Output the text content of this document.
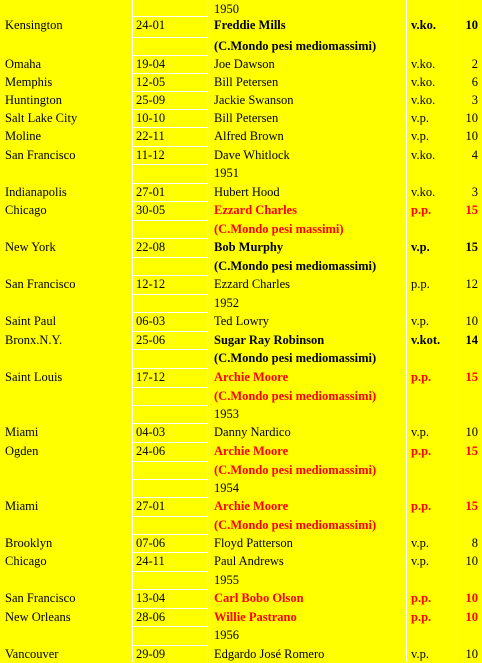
1950
Kensington	24-01	Freddie Mills	v.ko.	10
(C.Mondo pesi mediomassimi)
Omaha	19-04	Joe Dawson	v.ko.	2
Memphis	12-05	Bill Petersen	v.ko.	6
Huntington	25-09	Jackie Swanson	v.ko.	3
Salt Lake City	10-10	Bill Petersen	v.p.	10
Moline	22-11	Alfred Brown	v.p.	10
San Francisco	11-12	Dave Whitlock	v.ko.	4
1951
Indianapolis	27-01	Hubert Hood	v.ko.	3
Chicago	30-05	Ezzard Charles	p.p.	15
(C.Mondo pesi massimi)
New York	22-08	Bob Murphy	v.p.	15
(C.Mondo pesi mediomassimi)
San Francisco	12-12	Ezzard Charles	p.p.	12
1952
Saint Paul	06-03	Ted Lowry	v.p.	10
Bronx.N.Y.	25-06	Sugar Ray Robinson	v.kot.	14
(C.Mondo pesi mediomassimi)
Saint Louis	17-12	Archie Moore	p.p.	15
(C.Mondo pesi mediomassimi)
1953
Miami	04-03	Danny Nardico	v.p.	10
Ogden	24-06	Archie Moore	p.p.	15
(C.Mondo pesi mediomassimi)
1954
Miami	27-01	Archie Moore	p.p.	15
(C.Mondo pesi mediomassimi)
Brooklyn	07-06	Floyd Patterson	v.p.	8
Chicago	24-11	Paul Andrews	v.p.	10
1955
San Francisco	13-04	Carl Bobo Olson	p.p.	10
New Orleans	28-06	Willie Pastrano	p.p.	10
1956
Vancouver	29-09	Edgardo José Romero	v.p.	10
